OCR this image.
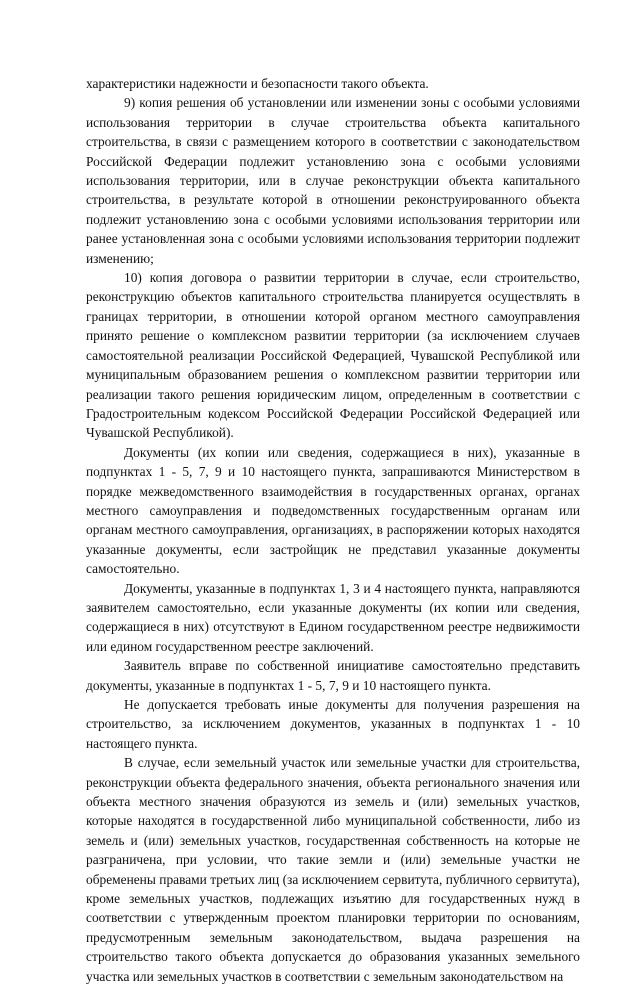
характеристики надежности и безопасности такого объекта.

9) копия решения об установлении или изменении зоны с особыми условиями использования территории в случае строительства объекта капитального строительства, в связи с размещением которого в соответствии с законодательством Российской Федерации подлежит установлению зона с особыми условиями использования территории, или в случае реконструкции объекта капитального строительства, в результате которой в отношении реконструированного объекта подлежит установлению зона с особыми условиями использования территории или ранее установленная зона с особыми условиями использования территории подлежит изменению;

10) копия договора о развитии территории в случае, если строительство, реконструкцию объектов капитального строительства планируется осуществлять в границах территории, в отношении которой органом местного самоуправления принято решение о комплексном развитии территории (за исключением случаев самостоятельной реализации Российской Федерацией, Чувашской Республикой или муниципальным образованием решения о комплексном развитии территории или реализации такого решения юридическим лицом, определенным в соответствии с Градостроительным кодексом Российской Федерации Российской Федерацией или Чувашской Республикой).

Документы (их копии или сведения, содержащиеся в них), указанные в подпунктах 1 - 5, 7, 9 и 10 настоящего пункта, запрашиваются Министерством в порядке межведомственного взаимодействия в государственных органах, органах местного самоуправления и подведомственных государственным органам или органам местного самоуправления, организациях, в распоряжении которых находятся указанные документы, если застройщик не представил указанные документы самостоятельно.

Документы, указанные в подпунктах 1, 3 и 4 настоящего пункта, направляются заявителем самостоятельно, если указанные документы (их копии или сведения, содержащиеся в них) отсутствуют в Едином государственном реестре недвижимости или едином государственном реестре заключений.

Заявитель вправе по собственной инициативе самостоятельно представить документы, указанные в подпунктах 1 - 5, 7, 9 и 10 настоящего пункта.

Не допускается требовать иные документы для получения разрешения на строительство, за исключением документов, указанных в подпунктах 1 - 10 настоящего пункта.

В случае, если земельный участок или земельные участки для строительства, реконструкции объекта федерального значения, объекта регионального значения или объекта местного значения образуются из земель и (или) земельных участков, которые находятся в государственной либо муниципальной собственности, либо из земель и (или) земельных участков, государственная собственность на которые не разграничена, при условии, что такие земли и (или) земельные участки не обременены правами третьих лиц (за исключением сервитута, публичного сервитута), кроме земельных участков, подлежащих изъятию для государственных нужд в соответствии с утвержденным проектом планировки территории по основаниям, предусмотренным земельным законодательством, выдача разрешения на строительство такого объекта допускается до образования указанных земельного участка или земельных участков в соответствии с земельным законодательством на
